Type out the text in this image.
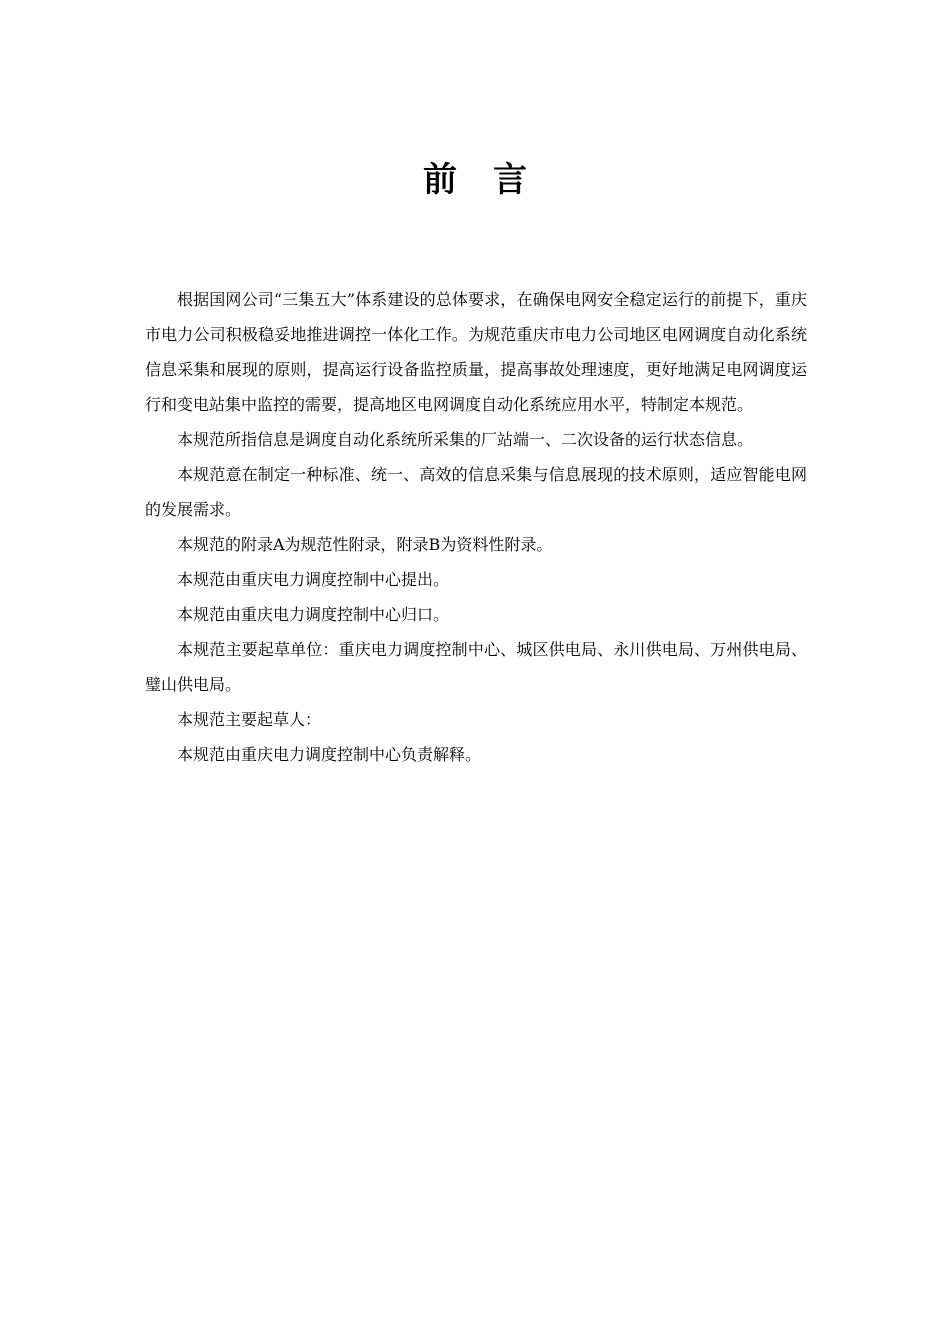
前言

根据国网公司“三集五大”体系建设的总体要求，在确保电网安全稳定运行的前提下，重庆市电力公司积极稳妥地推进调控一体化工作。为规范重庆市电力公司地区电网调度自动化系统信息采集和展现的原则，提高运行设备监控质量，提高事故处理速度，更好地满足电网调度运行和变电站集中监控的需要，提高地区电网调度自动化系统应用水平，特制定本规范。

本规范所指信息是调度自动化系统所采集的厂站端一、二次设备的运行状态信息。

本规范意在制定一种标准、统一、高效的信息采集与信息展现的技术原则，适应智能电网的发展需求。

本规范的附录A为规范性附录，附录B为资料性附录。

本规范由重庆电力调度控制中心提出。

本规范由重庆电力调度控制中心归口。

本规范主要起草单位：重庆电力调度控制中心、城区供电局、永川供电局、万州供电局、璧山供电局。

本规范主要起草人：

本规范由重庆电力调度控制中心负责解释。
